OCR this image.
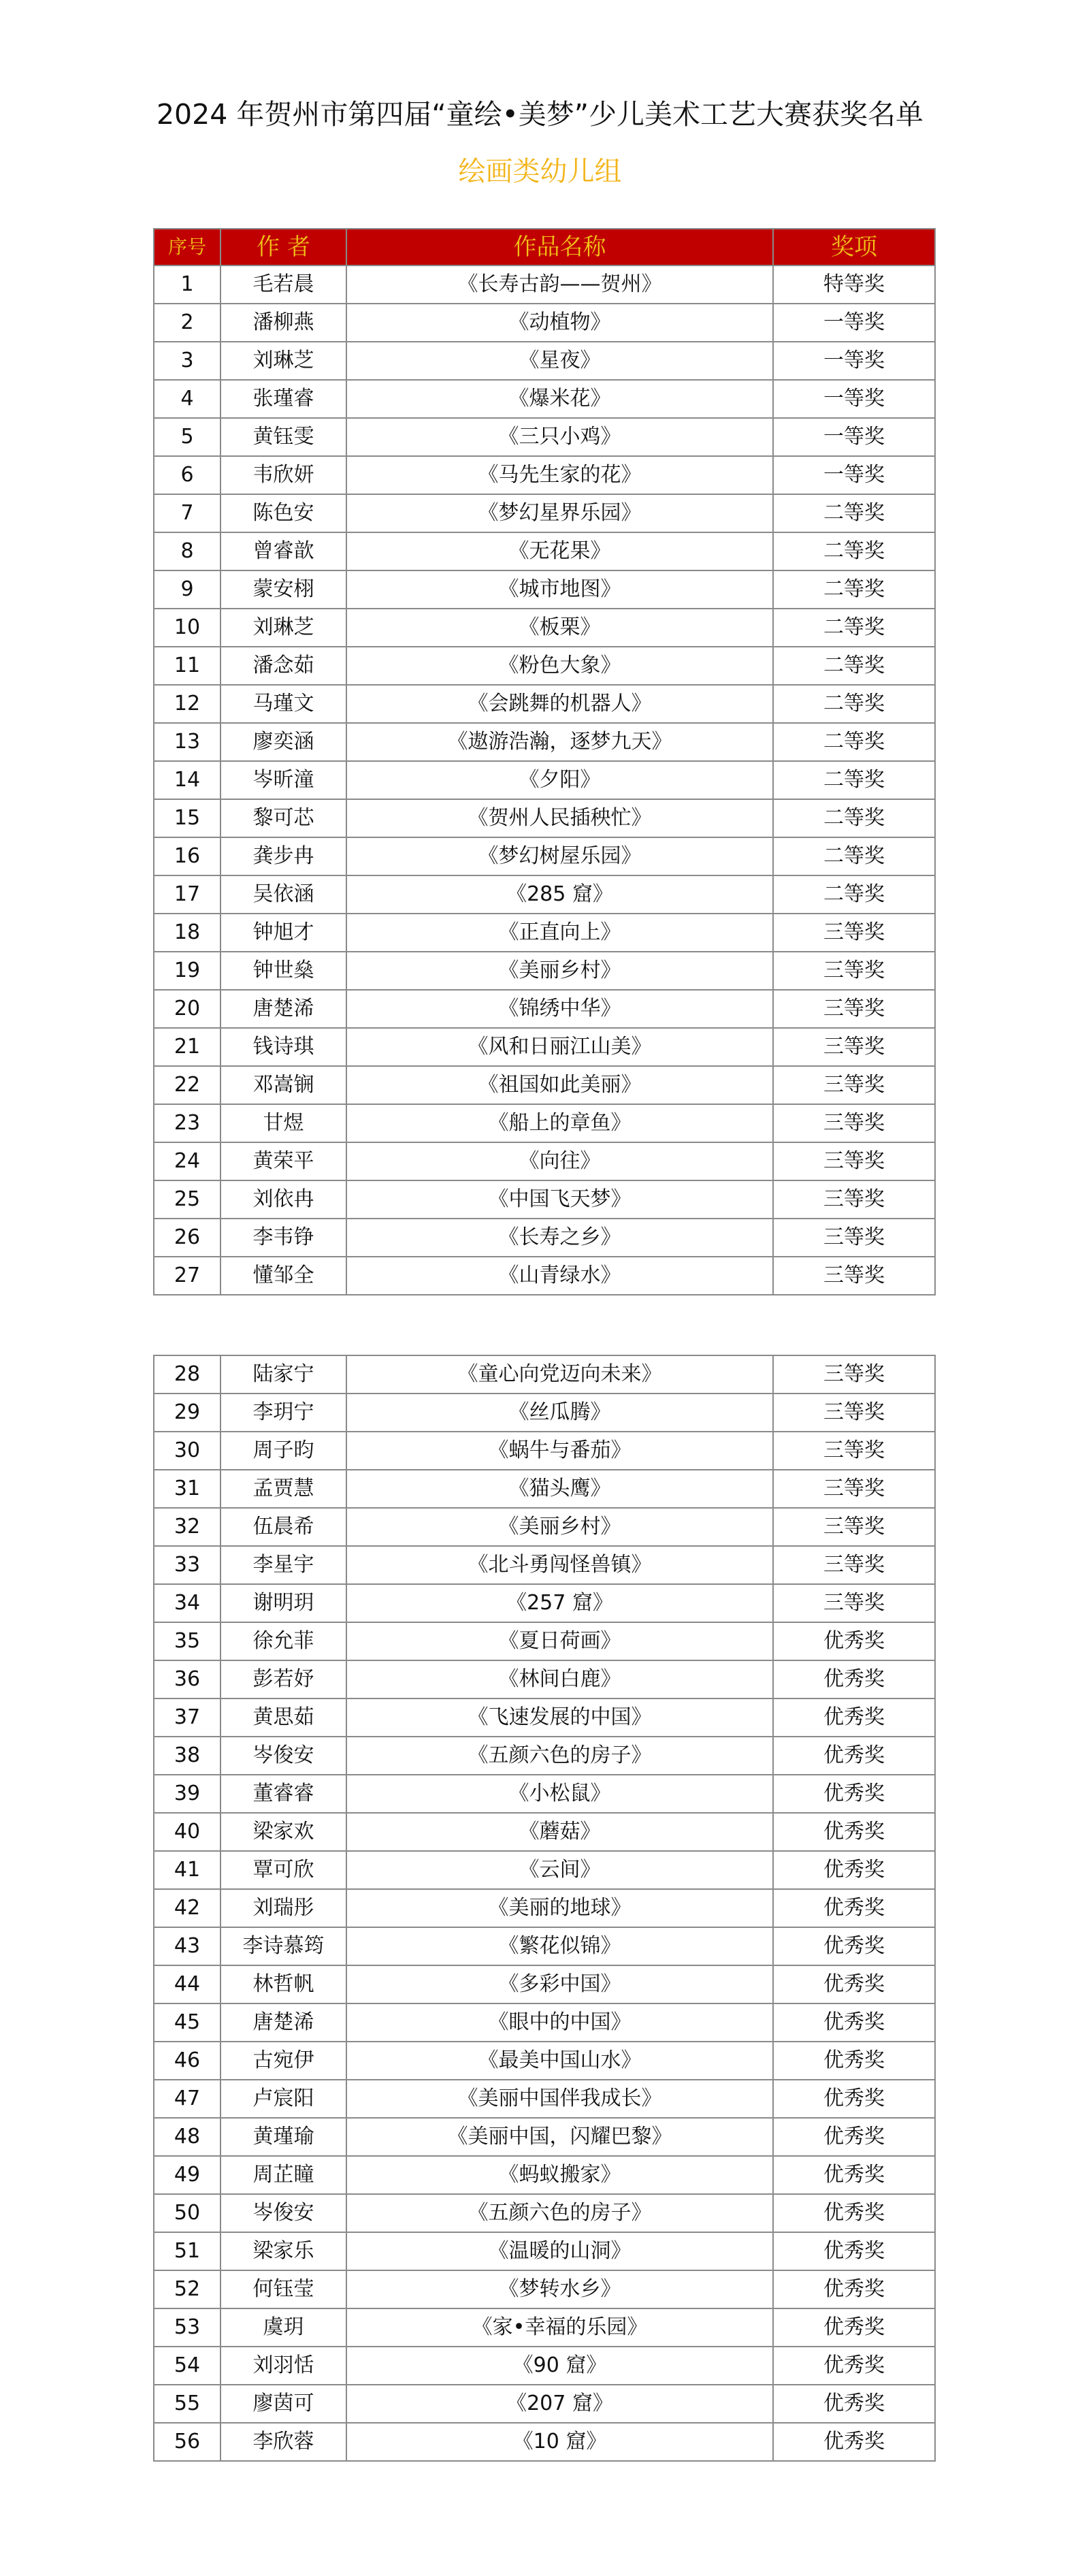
2024 年贺州市第四届“童绘•美梦”少儿美术工艺大赛获奖名单
绘画类幼儿组
序号	作 者	作品名称	奖项
1	毛若晨	《长寿古韵——贺州》	特等奖
2	潘柳燕	《动植物》	一等奖
3	刘琳芝	《星夜》	一等奖
4	张瑾睿	《爆米花》	一等奖
5	黄钰雯	《三只小鸡》	一等奖
6	韦欣妍	《马先生家的花》	一等奖
7	陈色安	《梦幻星界乐园》	二等奖
8	曾睿歆	《无花果》	二等奖
9	蒙安栩	《城市地图》	二等奖
10	刘琳芝	《板栗》	二等奖
11	潘念茹	《粉色大象》	二等奖
12	马瑾文	《会跳舞的机器人》	二等奖
13	廖奕涵	《遨游浩瀚，逐梦九天》	二等奖
14	岑昕潼	《夕阳》	二等奖
15	黎可芯	《贺州人民插秧忙》	二等奖
16	龚步冉	《梦幻树屋乐园》	二等奖
17	吴依涵	《285 窟》	二等奖
18	钟旭才	《正直向上》	三等奖
19	钟世燊	《美丽乡村》	三等奖
20	唐楚浠	《锦绣中华》	三等奖
21	钱诗琪	《风和日丽江山美》	三等奖
22	邓嵩锎	《祖国如此美丽》	三等奖
23	甘煜	《船上的章鱼》	三等奖
24	黄荣平	《向往》	三等奖
25	刘依冉	《中国飞天梦》	三等奖
26	李韦铮	《长寿之乡》	三等奖
27	懂邹全	《山青绿水》	三等奖
28	陆家宁	《童心向党迈向未来》	三等奖
29	李玥宁	《丝瓜腾》	三等奖
30	周子昀	《蜗牛与番茄》	三等奖
31	孟贾慧	《猫头鹰》	三等奖
32	伍晨希	《美丽乡村》	三等奖
33	李星宇	《北斗勇闯怪兽镇》	三等奖
34	谢明玥	《257 窟》	三等奖
35	徐允菲	《夏日荷画》	优秀奖
36	彭若妤	《林间白鹿》	优秀奖
37	黄思茹	《飞速发展的中国》	优秀奖
38	岑俊安	《五颜六色的房子》	优秀奖
39	董睿睿	《小松鼠》	优秀奖
40	梁家欢	《蘑菇》	优秀奖
41	覃可欣	《云间》	优秀奖
42	刘瑞彤	《美丽的地球》	优秀奖
43	李诗慕筠	《繁花似锦》	优秀奖
44	林哲帆	《多彩中国》	优秀奖
45	唐楚浠	《眼中的中国》	优秀奖
46	古宛伊	《最美中国山水》	优秀奖
47	卢宸阳	《美丽中国伴我成长》	优秀奖
48	黄瑾瑜	《美丽中国，闪耀巴黎》	优秀奖
49	周芷瞳	《蚂蚁搬家》	优秀奖
50	岑俊安	《五颜六色的房子》	优秀奖
51	梁家乐	《温暖的山洞》	优秀奖
52	何钰莹	《梦转水乡》	优秀奖
53	虞玥	《家•幸福的乐园》	优秀奖
54	刘羽恬	《90 窟》	优秀奖
55	廖茵可	《207 窟》	优秀奖
56	李欣蓉	《10 窟》	优秀奖
